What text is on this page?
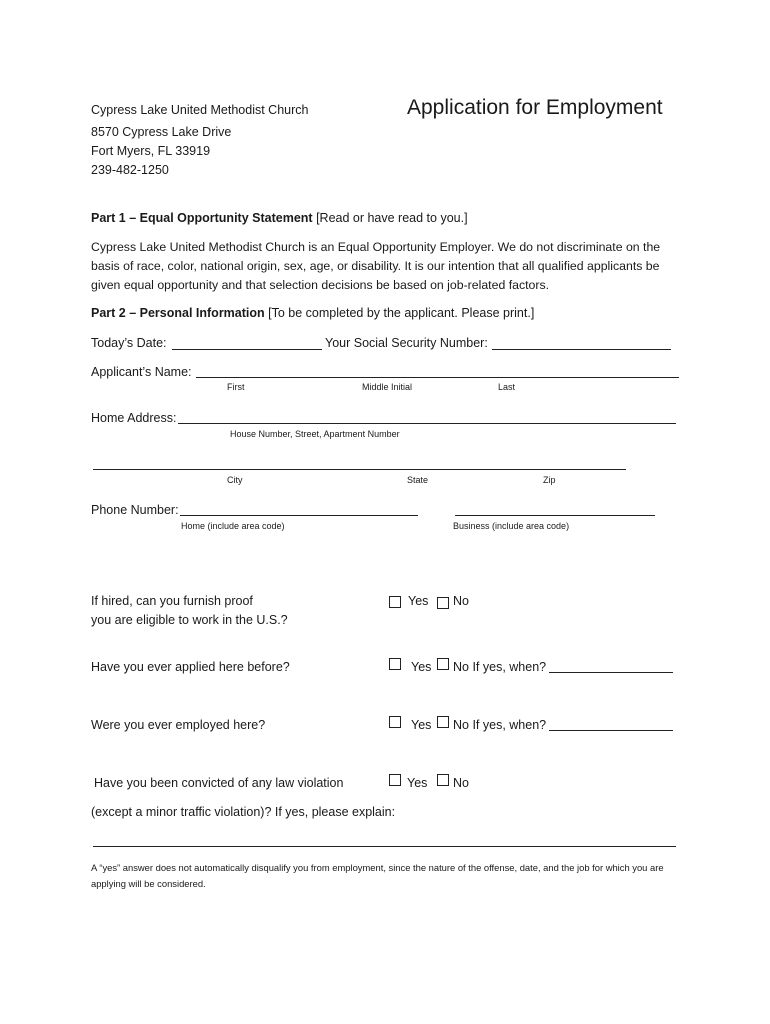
Cypress Lake United Methodist Church	Application for Employment
8570 Cypress Lake Drive
Fort Myers, FL 33919
239-482-1250
Part 1 – Equal Opportunity Statement [Read or have read to you.]
Cypress Lake United Methodist Church is an Equal Opportunity Employer. We do not discriminate on the basis of race, color, national origin, sex, age, or disability. It is our intention that all qualified applicants be given equal opportunity and that selection decisions be based on job-related factors.
Part 2 – Personal Information [To be completed by the applicant. Please print.]
Today’s Date:	Your Social Security Number:
Applicant’s Name:
First	Middle Initial	Last
Home Address:
House Number, Street, Apartment Number
City	State	Zip
Phone Number:
Home (include area code)	Business (include area code)
If hired, can you furnish proof
you are eligible to work in the U.S.?
Yes No
Have you ever applied here before?	Yes No If yes, when?
Were you ever employed here?	Yes No If yes, when?
Have you been convicted of any law violation	Yes No
(except a minor traffic violation)? If yes, please explain:
A “yes” answer does not automatically disqualify you from employment, since the nature of the offense, date, and the job for which you are applying will be considered.
